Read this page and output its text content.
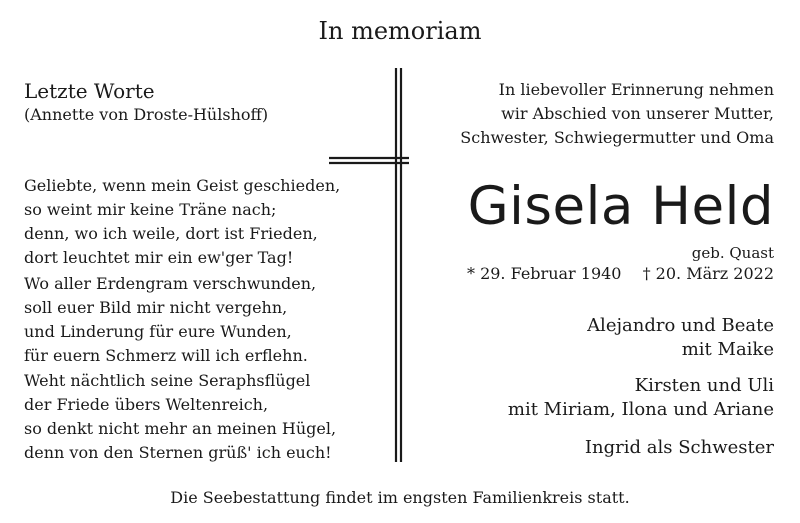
In memoriam
Letzte Worte
(Annette von Droste-Hülshoff)
Geliebte, wenn mein Geist geschieden,
so weint mir keine Träne nach;
denn, wo ich weile, dort ist Frieden,
dort leuchtet mir ein ew'ger Tag!
Wo aller Erdengram verschwunden,
soll euer Bild mir nicht vergehn,
und Linderung für eure Wunden,
für euern Schmerz will ich erflehn.
Weht nächtlich seine Seraphsflügel
der Friede übers Weltenreich,
so denkt nicht mehr an meinen Hügel,
denn von den Sternen grüß' ich euch!
In liebevoller Erinnerung nehmen
wir Abschied von unserer Mutter,
Schwester, Schwiegermutter und Oma
Gisela Held
geb. Quast
* 29. Februar 1940 † 20. März 2022
Alejandro und Beate
mit Maike
Kirsten und Uli
mit Miriam, Ilona und Ariane
Ingrid als Schwester
Die Seebestattung findet im engsten Familienkreis statt.
